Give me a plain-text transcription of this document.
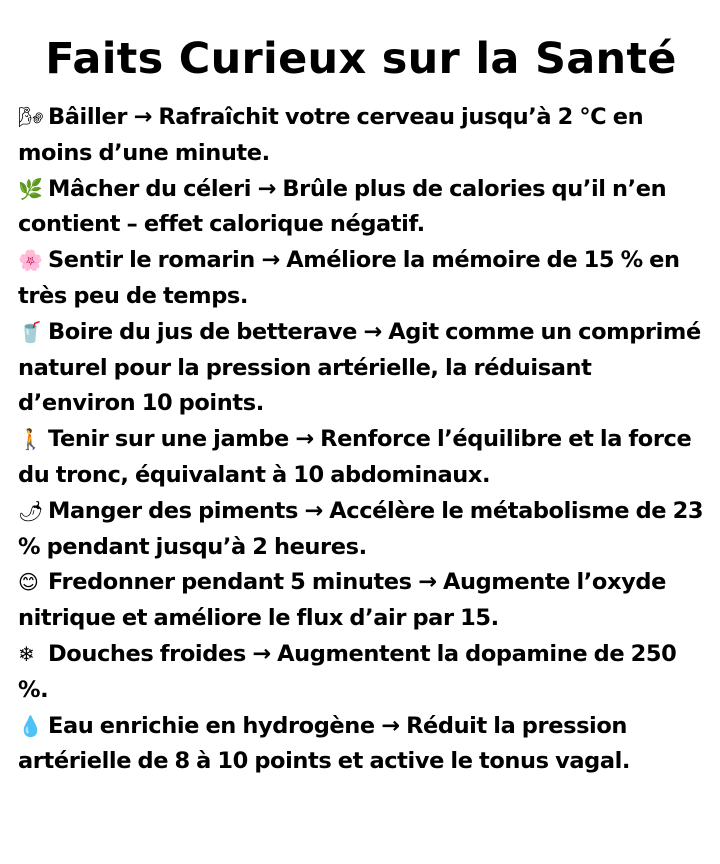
Faits Curieux sur la Santé
🌬 Bâiller → Rafraîchit votre cerveau jusqu’à 2 °C en moins d’une minute.
🌿 Mâcher du céleri → Brûle plus de calories qu’il n’en contient – effet calorique négatif.
🌸 Sentir le romarin → Améliore la mémoire de 15 % en très peu de temps.
🥤 Boire du jus de betterave → Agit comme un comprimé naturel pour la pression artérielle, la réduisant d’environ 10 points.
🚶 Tenir sur une jambe → Renforce l’équilibre et la force du tronc, équivalant à 10 abdominaux.
🌶 Manger des piments → Accélère le métabolisme de 23 % pendant jusqu’à 2 heures.
😊 Fredonner pendant 5 minutes → Augmente l’oxyde nitrique et améliore le flux d’air par 15.
❄ Douches froides → Augmentent la dopamine de 250 %.
💧 Eau enrichie en hydrogène → Réduit la pression artérielle de 8 à 10 points et active le tonus vagal.
